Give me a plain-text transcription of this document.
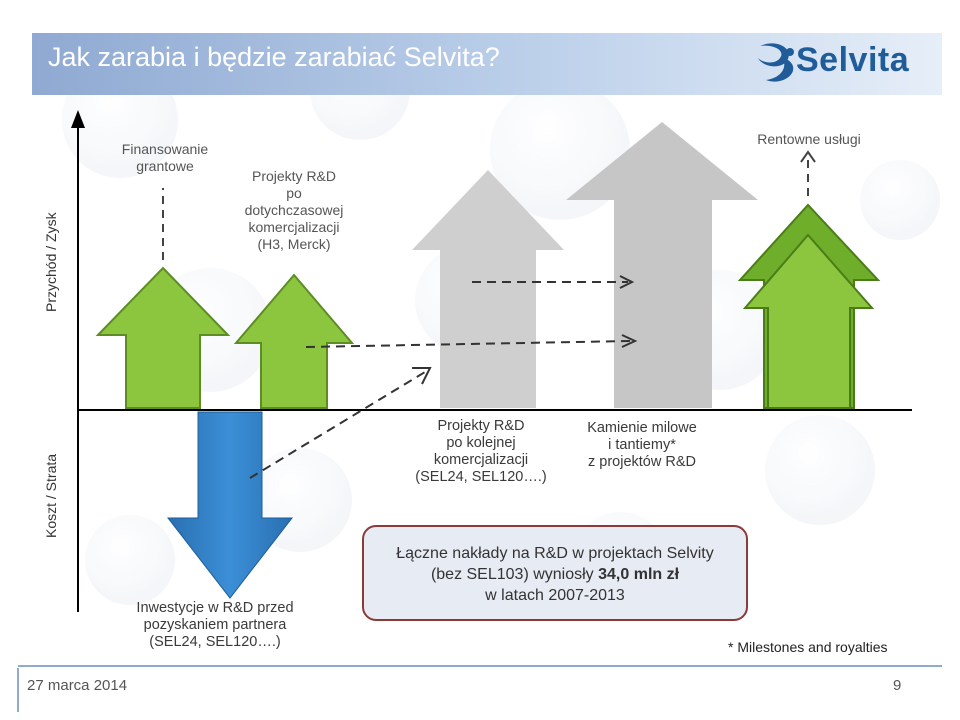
Jak zarabia i będzie zarabiać Selvita?	Selvita
Przychód / Zysk
Koszt / Strata
Finansowanie
grantowe
Projekty R&D
po
dotychczasowej
komercjalizacji
(H3, Merck)
Rentowne usługi
Inwestycje w R&D przed
pozyskaniem partnera
(SEL24, SEL120….)
Projekty R&D
po kolejnej
komercjalizacji
(SEL24, SEL120….)
Kamienie milowe
i tantiemy*
z projektów R&D
Łączne nakłady na R&D w projektach Selvity
(bez SEL103) wyniosły 34,0 mln zł
w latach 2007-2013
* Milestones and royalties
27 marca 2014	9
